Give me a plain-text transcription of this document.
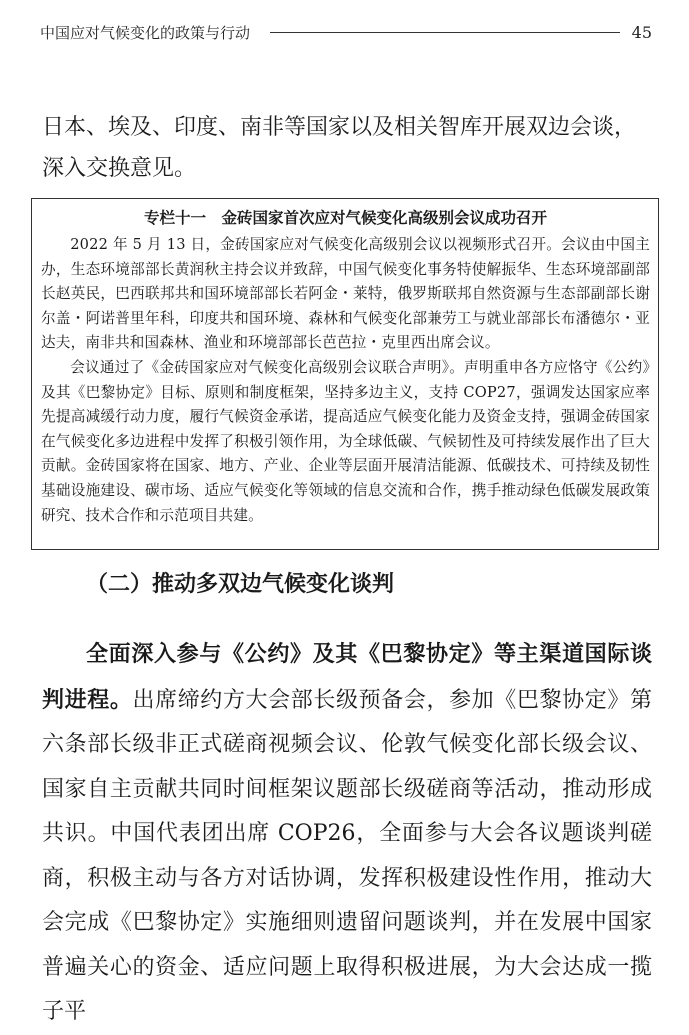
中国应对气候变化的政策与行动	45

日本、埃及、印度、南非等国家以及相关智库开展双边会谈，深入交换意见。

专栏十一　金砖国家首次应对气候变化高级别会议成功召开

2022 年 5 月 13 日，金砖国家应对气候变化高级别会议以视频形式召开。会议由中国主办，生态环境部部长黄润秋主持会议并致辞，中国气候变化事务特使解振华、生态环境部副部长赵英民，巴西联邦共和国环境部部长若阿金・莱特，俄罗斯联邦自然资源与生态部副部长谢尔盖・阿诺普里年科，印度共和国环境、森林和气候变化部兼劳工与就业部部长布潘德尔・亚达夫，南非共和国森林、渔业和环境部部长芭芭拉・克里西出席会议。

会议通过了《金砖国家应对气候变化高级别会议联合声明》。声明重申各方应恪守《公约》及其《巴黎协定》目标、原则和制度框架，坚持多边主义，支持 COP27，强调发达国家应率先提高减缓行动力度，履行气候资金承诺，提高适应气候变化能力及资金支持，强调金砖国家在气候变化多边进程中发挥了积极引领作用，为全球低碳、气候韧性及可持续发展作出了巨大贡献。金砖国家将在国家、地方、产业、企业等层面开展清洁能源、低碳技术、可持续及韧性基础设施建设、碳市场、适应气候变化等领域的信息交流和合作，携手推动绿色低碳发展政策研究、技术合作和示范项目共建。

（二）推动多双边气候变化谈判

全面深入参与《公约》及其《巴黎协定》等主渠道国际谈判进程。出席缔约方大会部长级预备会，参加《巴黎协定》第六条部长级非正式磋商视频会议、伦敦气候变化部长级会议、国家自主贡献共同时间框架议题部长级磋商等活动，推动形成共识。中国代表团出席 COP26，全面参与大会各议题谈判磋商，积极主动与各方对话协调，发挥积极建设性作用，推动大会完成《巴黎协定》实施细则遗留问题谈判，并在发展中国家普遍关心的资金、适应问题上取得积极进展，为大会达成一揽子平
